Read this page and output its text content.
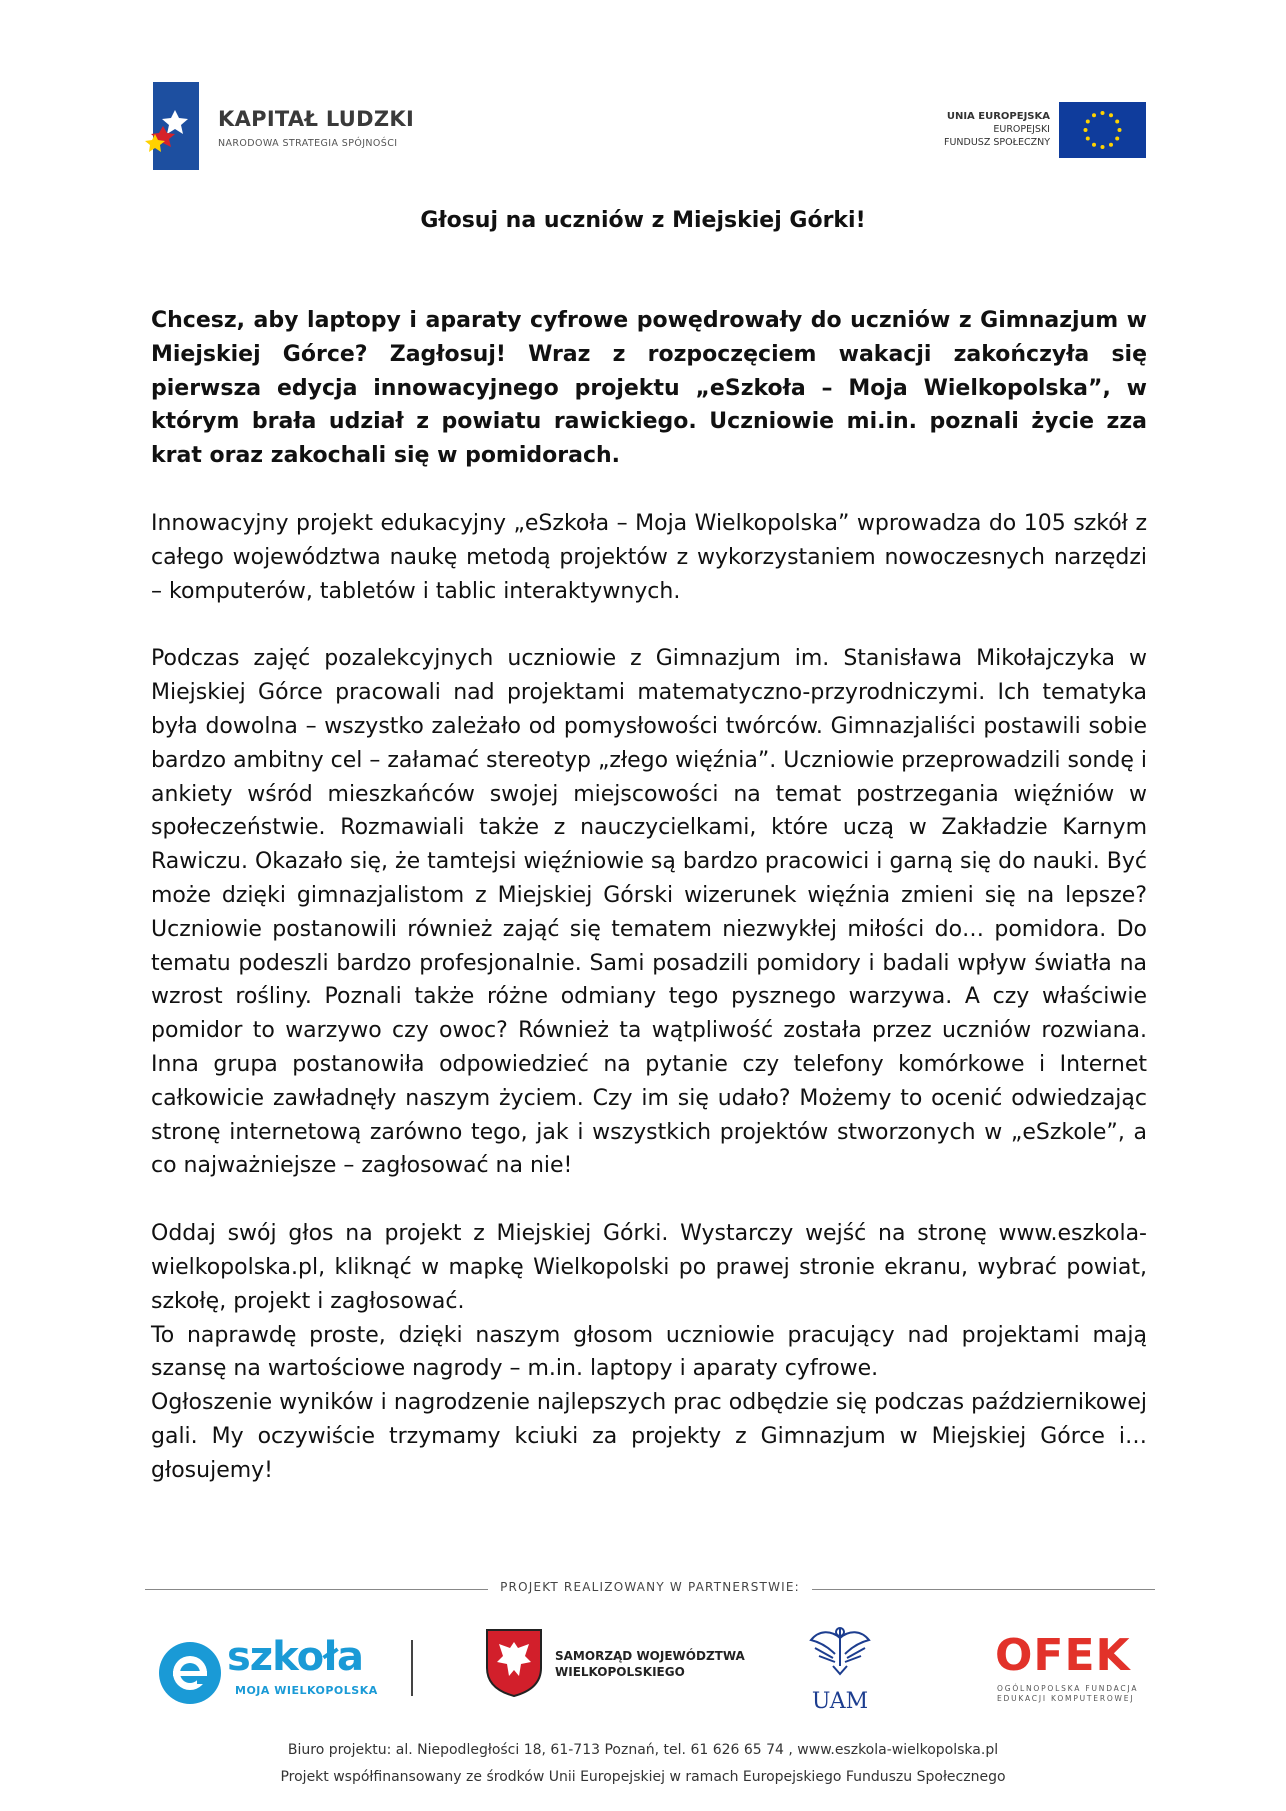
KAPITAŁ LUDZKI
NARODOWA STRATEGIA SPÓJNOŚCI
UNIA EUROPEJSKA
EUROPEJSKI
FUNDUSZ SPOŁECZNY
Głosuj na uczniów z Miejskiej Górki!

Chcesz, aby laptopy i aparaty cyfrowe powędrowały do uczniów z Gimnazjum w Miejskiej Górce? Zagłosuj! Wraz z rozpoczęciem wakacji zakończyła się pierwsza edycja innowacyjnego projektu „eSzkoła – Moja Wielkopolska”, w którym brała udział z powiatu rawickiego. Uczniowie mi.in. poznali życie zza krat oraz zakochali się w pomidorach.

Innowacyjny projekt edukacyjny „eSzkoła – Moja Wielkopolska” wprowadza do 105 szkół z całego województwa naukę metodą projektów z wykorzystaniem nowoczesnych narzędzi – komputerów, tabletów i tablic interaktywnych.

Podczas zajęć pozalekcyjnych uczniowie z Gimnazjum im. Stanisława Mikołajczyka w Miejskiej Górce pracowali nad projektami matematyczno-przyrodniczymi. Ich tematyka była dowolna – wszystko zależało od pomysłowości twórców. Gimnazjaliści postawili sobie bardzo ambitny cel – załamać stereotyp „złego więźnia”. Uczniowie przeprowadzili sondę i ankiety wśród mieszkańców swojej miejscowości na temat postrzegania więźniów w społeczeństwie. Rozmawiali także z nauczycielkami, które uczą w Zakładzie Karnym Rawiczu. Okazało się, że tamtejsi więźniowie są bardzo pracowici i garną się do nauki. Być może dzięki gimnazjalistom z Miejskiej Górski wizerunek więźnia zmieni się na lepsze? Uczniowie postanowili również zająć się tematem niezwykłej miłości do… pomidora. Do tematu podeszli bardzo profesjonalnie. Sami posadzili pomidory i badali wpływ światła na wzrost rośliny. Poznali także różne odmiany tego pysznego warzywa. A czy właściwie pomidor to warzywo czy owoc? Również ta wątpliwość została przez uczniów rozwiana. Inna grupa postanowiła odpowiedzieć na pytanie czy telefony komórkowe i Internet całkowicie zawładnęły naszym życiem. Czy im się udało? Możemy to ocenić odwiedzając stronę internetową zarówno tego, jak i wszystkich projektów stworzonych w „eSzkole”, a co najważniejsze – zagłosować na nie!

Oddaj swój głos na projekt z Miejskiej Górki. Wystarczy wejść na stronę www.eszkola-wielkopolska.pl, kliknąć w mapkę Wielkopolski po prawej stronie ekranu, wybrać powiat, szkołę, projekt i zagłosować.

To naprawdę proste, dzięki naszym głosom uczniowie pracujący nad projektami mają szansę na wartościowe nagrody – m.in. laptopy i aparaty cyfrowe.

Ogłoszenie wyników i nagrodzenie najlepszych prac odbędzie się podczas październikowej gali. My oczywiście trzymamy kciuki za projekty z Gimnazjum w Miejskiej Górce i… głosujemy!

PROJEKT REALIZOWANY W PARTNERSTWIE:
szkoła
MOJA WIELKOPOLSKA
SAMORZĄD WOJEWÓDZTWA
WIELKOPOLSKIEGO
UAM
OFEK
OGÓLNOPOLSKA FUNDACJA
EDUKACJI KOMPUTEROWEJ
Biuro projektu: al. Niepodległości 18, 61-713 Poznań, tel. 61 626 65 74 , www.eszkola-wielkopolska.pl
Projekt współfinansowany ze środków Unii Europejskiej w ramach Europejskiego Funduszu Społecznego
